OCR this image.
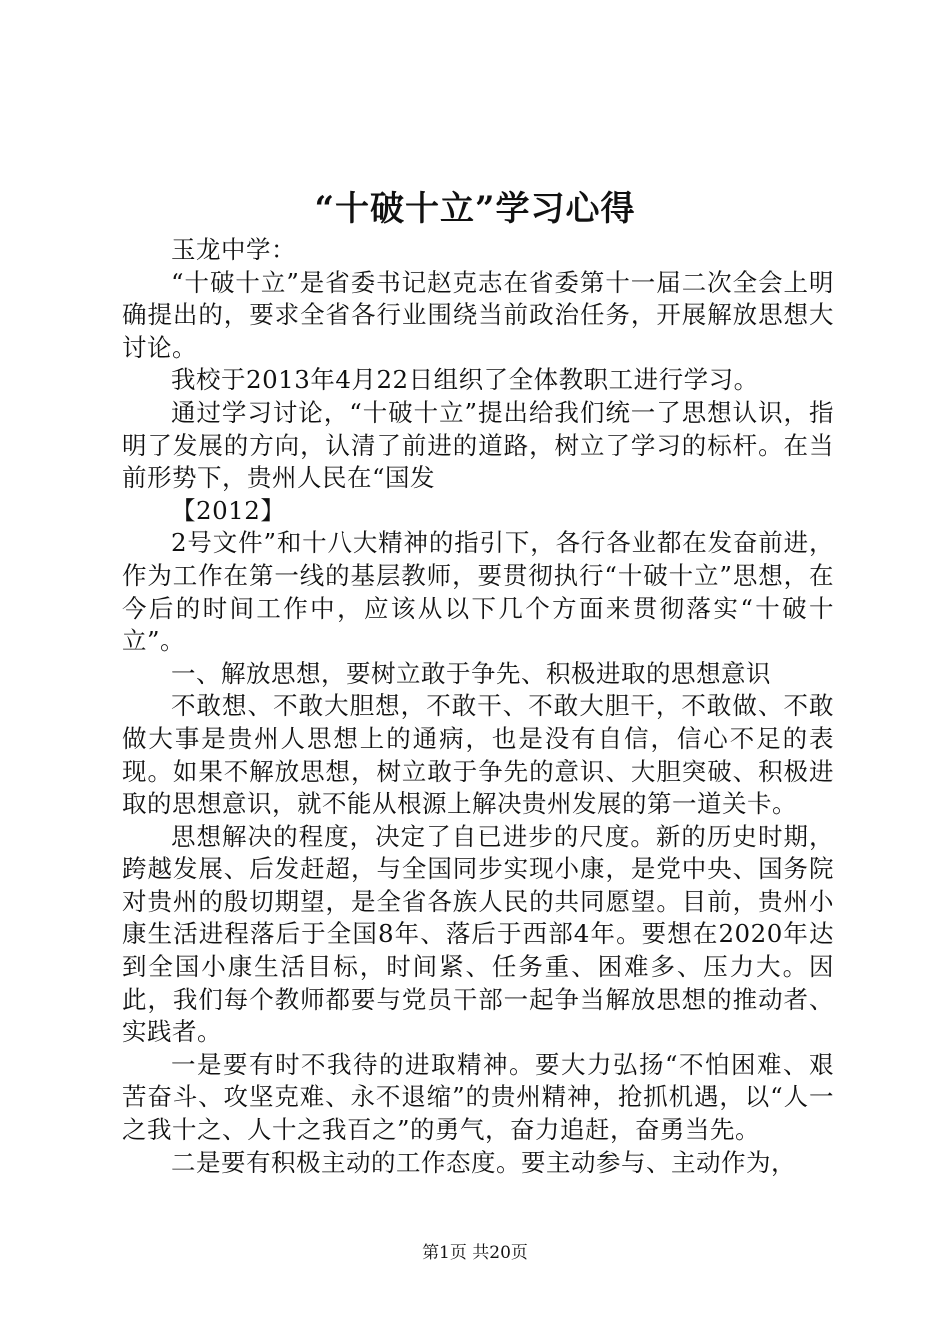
“十破十立”学习心得

玉龙中学：

“十破十立”是省委书记赵克志在省委第十一届二次全会上明确提出的，要求全省各行业围绕当前政治任务，开展解放思想大讨论。

我校于2013年4月22日组织了全体教职工进行学习。

通过学习讨论，“十破十立”提出给我们统一了思想认识，指明了发展的方向，认清了前进的道路，树立了学习的标杆。在当前形势下，贵州人民在“国发

【2012】

2号文件”和十八大精神的指引下，各行各业都在发奋前进，作为工作在第一线的基层教师，要贯彻执行“十破十立”思想，在今后的时间工作中，应该从以下几个方面来贯彻落实“十破十立”。

一、解放思想，要树立敢于争先、积极进取的思想意识

不敢想、不敢大胆想，不敢干、不敢大胆干，不敢做、不敢做大事是贵州人思想上的通病，也是没有自信，信心不足的表现。如果不解放思想，树立敢于争先的意识、大胆突破、积极进取的思想意识，就不能从根源上解决贵州发展的第一道关卡。

思想解决的程度，决定了自已进步的尺度。新的历史时期，跨越发展、后发赶超，与全国同步实现小康，是党中央、国务院对贵州的殷切期望，是全省各族人民的共同愿望。目前，贵州小康生活进程落后于全国8年、落后于西部4年。要想在2020年达到全国小康生活目标，时间紧、任务重、困难多、压力大。因此，我们每个教师都要与党员干部一起争当解放思想的推动者、实践者。

一是要有时不我待的进取精神。要大力弘扬“不怕困难、艰苦奋斗、攻坚克难、永不退缩”的贵州精神，抢抓机遇，以“人一之我十之、人十之我百之”的勇气，奋力追赶，奋勇当先。

二是要有积极主动的工作态度。要主动参与、主动作为，

第1页 共20页
